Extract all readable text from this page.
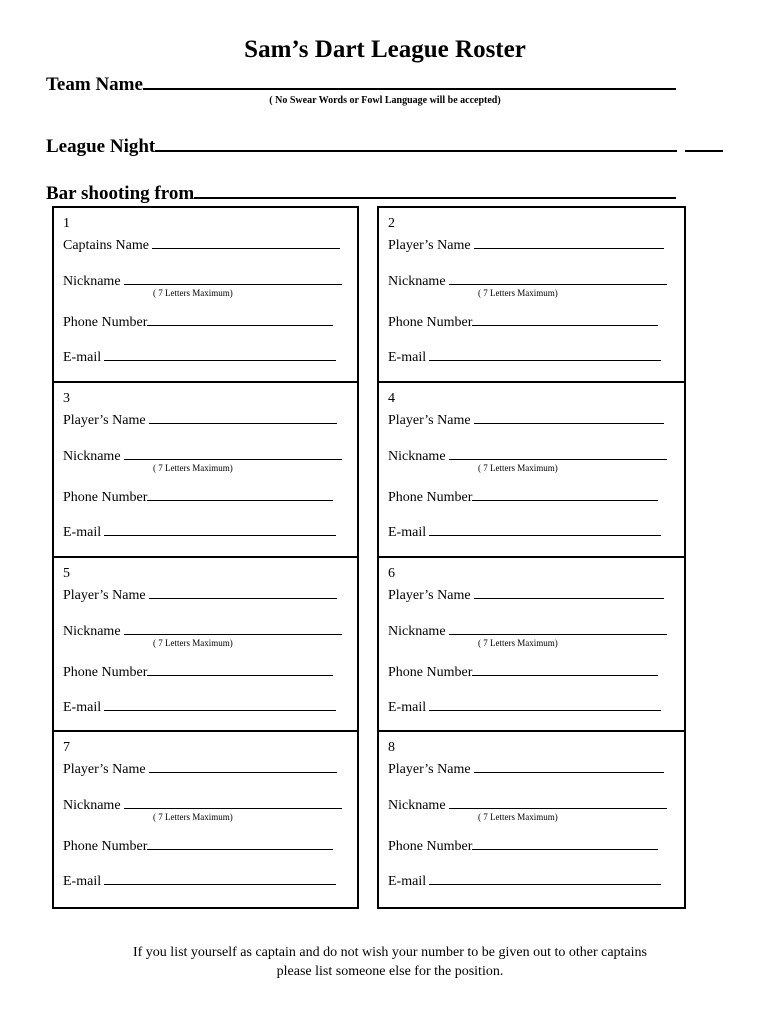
Sam’s Dart League Roster
Team Name
( No Swear Words or Fowl Language will be accepted)
League Night
Bar shooting from
1
Captains Name
Nickname
( 7 Letters Maximum)
Phone Number
E-mail
2
Player’s Name
Nickname
( 7 Letters Maximum)
Phone Number
E-mail
3
Player’s Name
Nickname
( 7 Letters Maximum)
Phone Number
E-mail
4
Player’s Name
Nickname
( 7 Letters Maximum)
Phone Number
E-mail
5
Player’s Name
Nickname
( 7 Letters Maximum)
Phone Number
E-mail
6
Player’s Name
Nickname
( 7 Letters Maximum)
Phone Number
E-mail
7
Player’s Name
Nickname
( 7 Letters Maximum)
Phone Number
E-mail
8
Player’s Name
Nickname
( 7 Letters Maximum)
Phone Number
E-mail
If you list yourself as captain and do not wish your number to be given out to other captains
please list someone else for the position.
